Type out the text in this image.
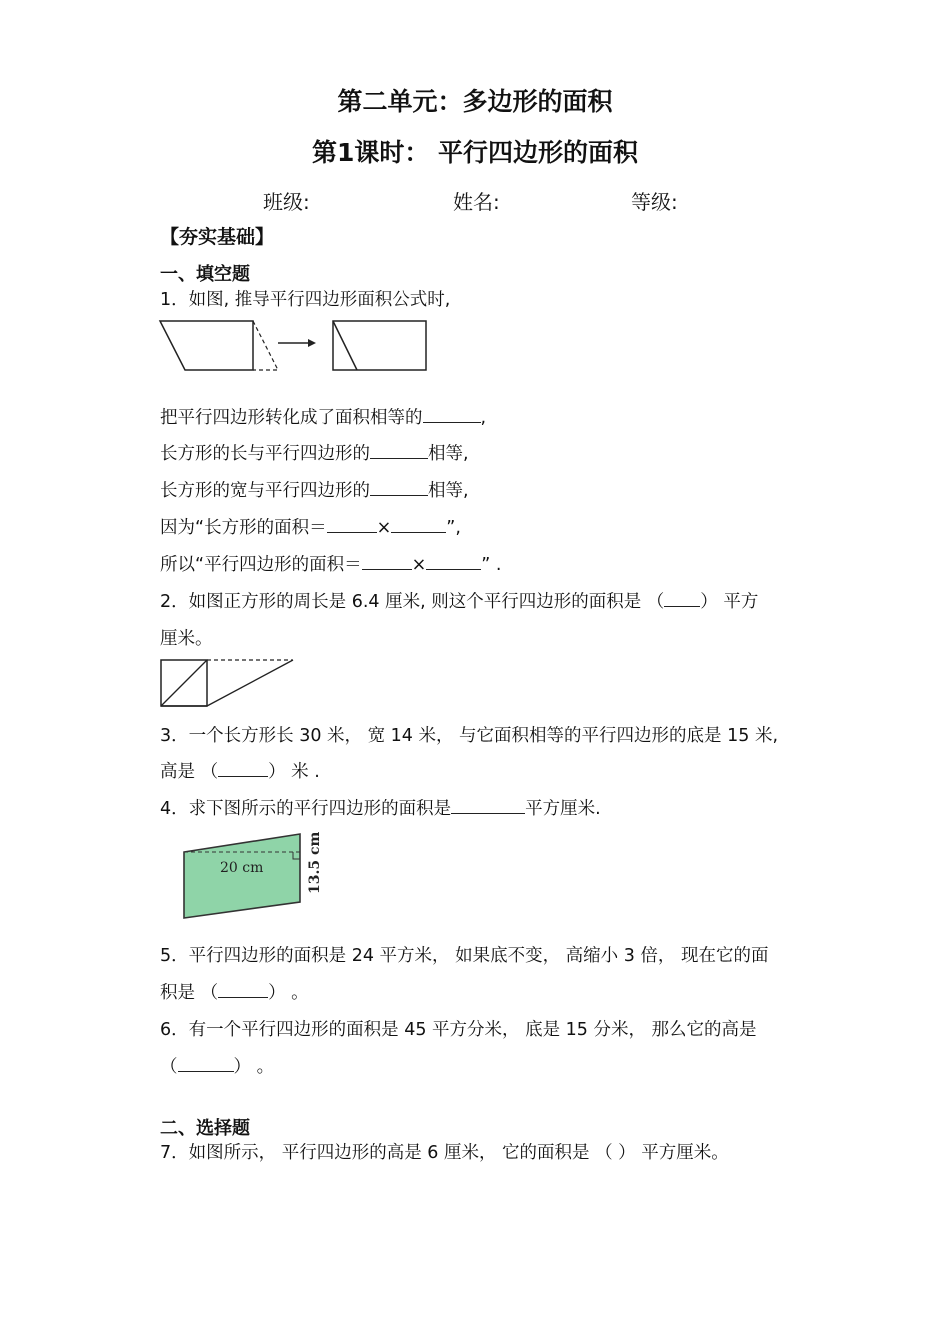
第二单元：多边形的面积
第1课时： 平行四边形的面积
班级:	姓名:	等级:
【夯实基础】
一、填空题
1．如图, 推导平行四边形面积公式时,
把平行四边形转化成了面积相等的	,
长方形的长与平行四边形的	相等,
长方形的宽与平行四边形的	相等,
因为“长方形的面积＝	×	”,
所以“平行四边形的面积＝	×	” .
2．如图正方形的周长是 6.4 厘米, 则这个平行四边形的面积是 （ ） 平方
厘米。
3．一个长方形长 30 米， 宽 14 米， 与它面积相等的平行四边形的底是 15 米,
高是 （	） 米 .
4．求下图所示的平行四边形的面积是	平方厘米.
20 cm	13.5 cm
5．平行四边形的面积是 24 平方米， 如果底不变， 高缩小 3 倍， 现在它的面
积是 （	） 。
6．有一个平行四边形的面积是 45 平方分米， 底是 15 分米， 那么它的高是
（	） 。
二、选择题
7．如图所示， 平行四边形的高是 6 厘米， 它的面积是 （ ） 平方厘米。
